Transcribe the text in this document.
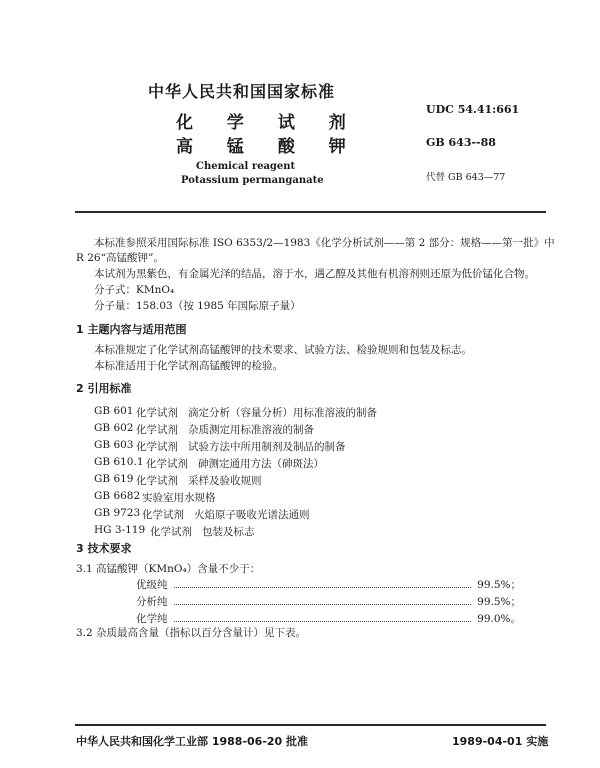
中华人民共和国国家标准
化 学 试 剂
高 锰 酸 钾
Chemical reagent
Potassium permanganate
UDC 54.41:661
GB 643--88
代替 GB 643—77
本标准参照采用国际标准 ISO 6353/2—1983《化学分析试剂——第 2 部分：规格——第一批》中
R 26“高锰酸钾”。
本试剂为黑紫色，有金属光泽的结晶，溶于水，遇乙醇及其他有机溶剂则还原为低价锰化合物。
分子式：KMnO₄
分子量：158.03（按 1985 年国际原子量）
1 主题内容与适用范围
本标准规定了化学试剂高锰酸钾的技术要求、试验方法、检验规则和包装及标志。
本标准适用于化学试剂高锰酸钾的检验。
2 引用标准
GB 601 化学试剂 滴定分析（容量分析）用标准溶液的制备
GB 602 化学试剂 杂质测定用标准溶液的制备
GB 603 化学试剂 试验方法中所用制剂及制品的制备
GB 610.1 化学试剂 砷测定通用方法（砷斑法）
GB 619 化学试剂 采样及验收规则
GB 6682 实验室用水规格
GB 9723 化学试剂 火焰原子吸收光谱法通则
HG 3-119 化学试剂 包装及标志
3 技术要求
3.1 高锰酸钾（KMnO₄）含量不少于：
优级纯	99.5%；
分析纯	99.5%；
化学纯	99.0%。
3.2 杂质最高含量（指标以百分含量计）见下表。
中华人民共和国化学工业部 1988-06-20 批准	1989-04-01 实施
